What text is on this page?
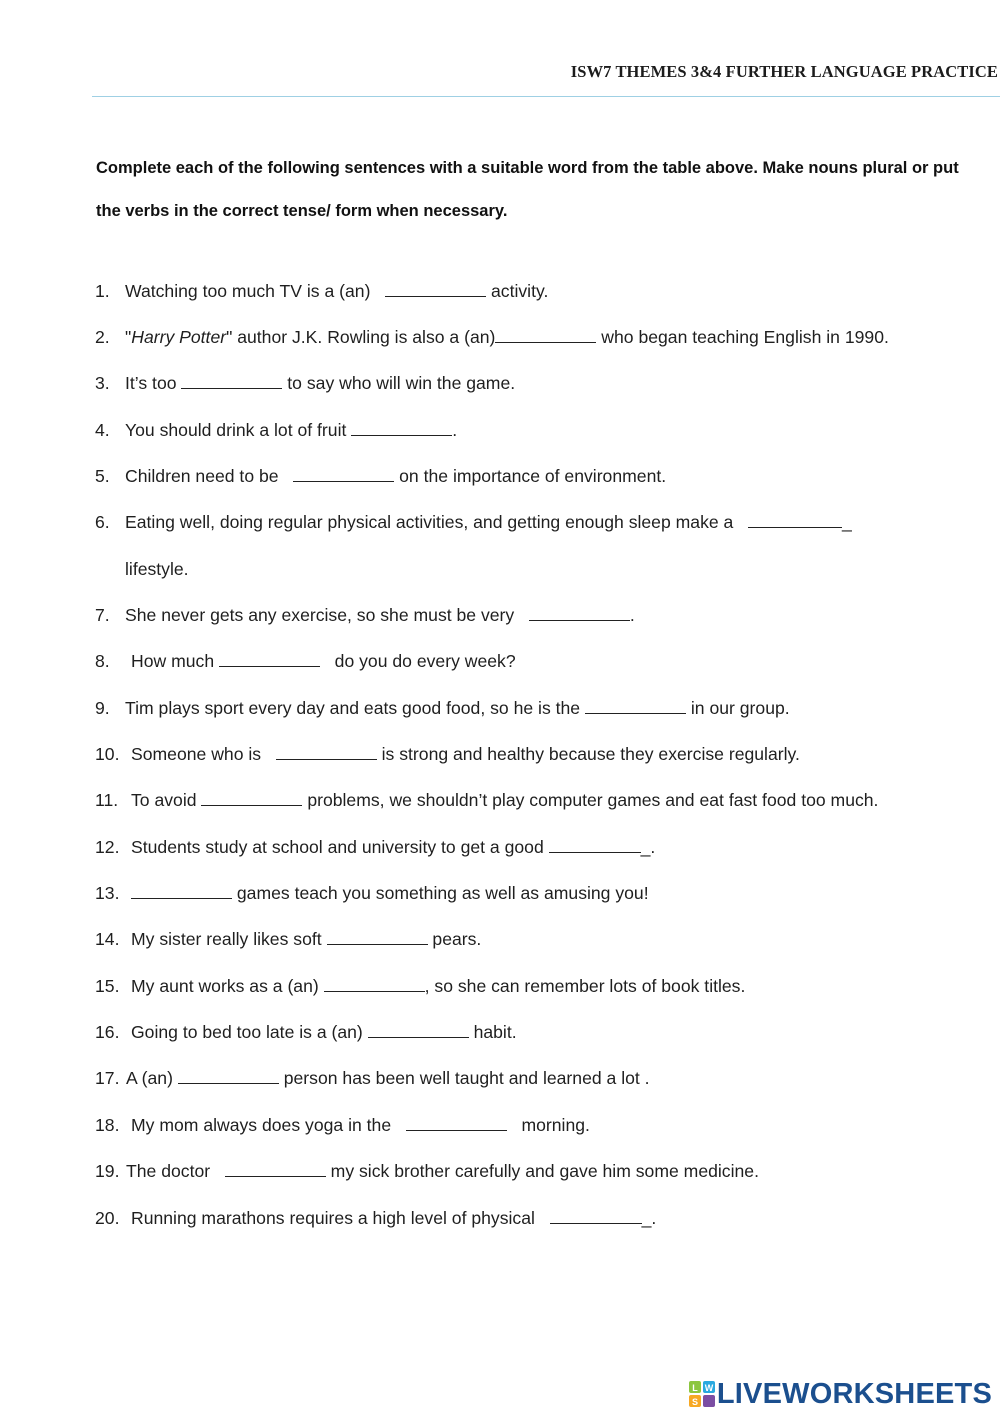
ISW7 THEMES 3&4 FURTHER LANGUAGE PRACTICE
Complete each of the following sentences with a suitable word from the table above. Make nouns plural or put the verbs in the correct tense/ form when necessary.
1. Watching too much TV is a (an)	activity.
2. "Harry Potter" author J.K. Rowling is also a (an)	who began teaching English in 1990.
3. It’s too	to say who will win the game.
4. You should drink a lot of fruit	.
5. Children need to be	on the importance of environment.
6. Eating well, doing regular physical activities, and getting enough sleep make a	_
lifestyle.
7. She never gets any exercise, so she must be very	.
8. How much	do you do every week?
9. Tim plays sport every day and eats good food, so he is the	in our group.
10. Someone who is	is strong and healthy because they exercise regularly.
11. To avoid	problems, we shouldn’t play computer games and eat fast food too much.
12. Students study at school and university to get a good	_.
13.	games teach you something as well as amusing you!
14. My sister really likes soft	pears.
15. My aunt works as a (an)	, so she can remember lots of book titles.
16. Going to bed too late is a (an)	habit.
17. A (an)	person has been well taught and learned a lot .
18. My mom always does yoga in the	morning.
19. The doctor	my sick brother carefully and gave him some medicine.
20. Running marathons requires a high level of physical	_.
L W
S LIVEWORKSHEETS
